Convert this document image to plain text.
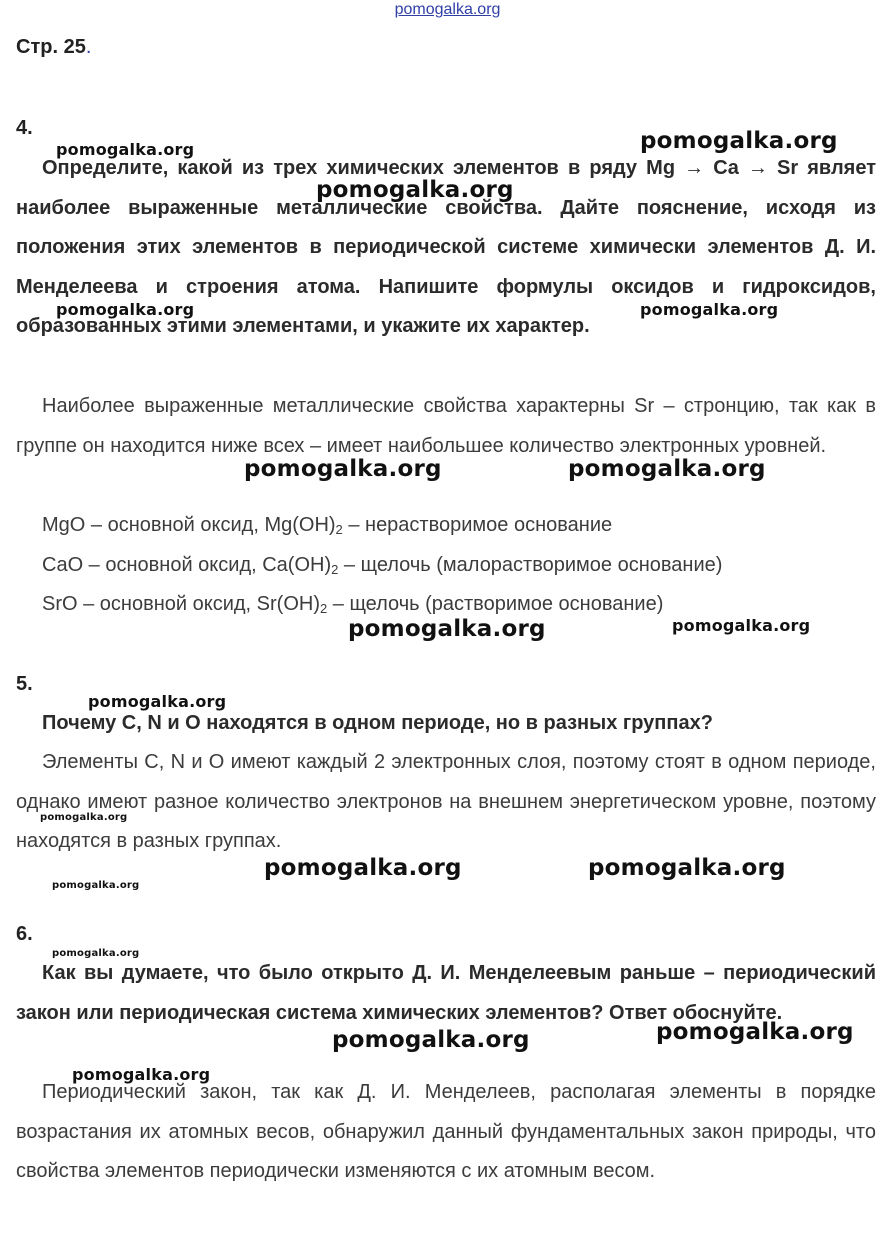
pomogalka.org
Стр. 25.
4.

Определите, какой из трех химических элементов в ряду Mg → Ca → Sr являет наиболее выраженные металлические свойства. Дайте пояснение, исходя из положения этих элементов в периодической системе химически элементов Д. И. Менделеева и строения атома. Напишите формулы оксидов и гидроксидов, образованных этими элементами, и укажите их характер.

Наиболее выраженные металлические свойства характерны Sr – стронцию, так как в группе он находится ниже всех – имеет наибольшее количество электронных уровней.

MgO – основной оксид, $Mg(OH)_2$ – нерастворимое основание
CaO – основной оксид, $Ca(OH)_2$ – щелочь (малорастворимое основание)
SrO – основной оксид, $Sr(OH)_2$ – щелочь (растворимое основание)
5.

Почему C, N и O находятся в одном периоде, но в разных группах?

Элементы C, N и O имеют каждый 2 электронных слоя, поэтому стоят в одном периоде, однако имеют разное количество электронов на внешнем энергетическом уровне, поэтому находятся в разных группах.

6.

Как вы думаете, что было открыто Д. И. Менделеевым раньше – периодический закон или периодическая система химических элементов? Ответ обоснуйте.

Периодический закон, так как Д. И. Менделеев, располагая элементы в порядке возрастания их атомных весов, обнаружил данный фундаментальных закон природы, что свойства элементов периодически изменяются с их атомным весом.

pomogalka.org	pomogalka.org
pomogalka.org
pomogalka.org	pomogalka.org
pomogalka.org	pomogalka.org
pomogalka.org	pomogalka.org
pomogalka.org
pomogalka.org
pomogalka.org	pomogalka.org
pomogalka.org
pomogalka.org
pomogalka.org
pomogalka.org
pomogalka.org
